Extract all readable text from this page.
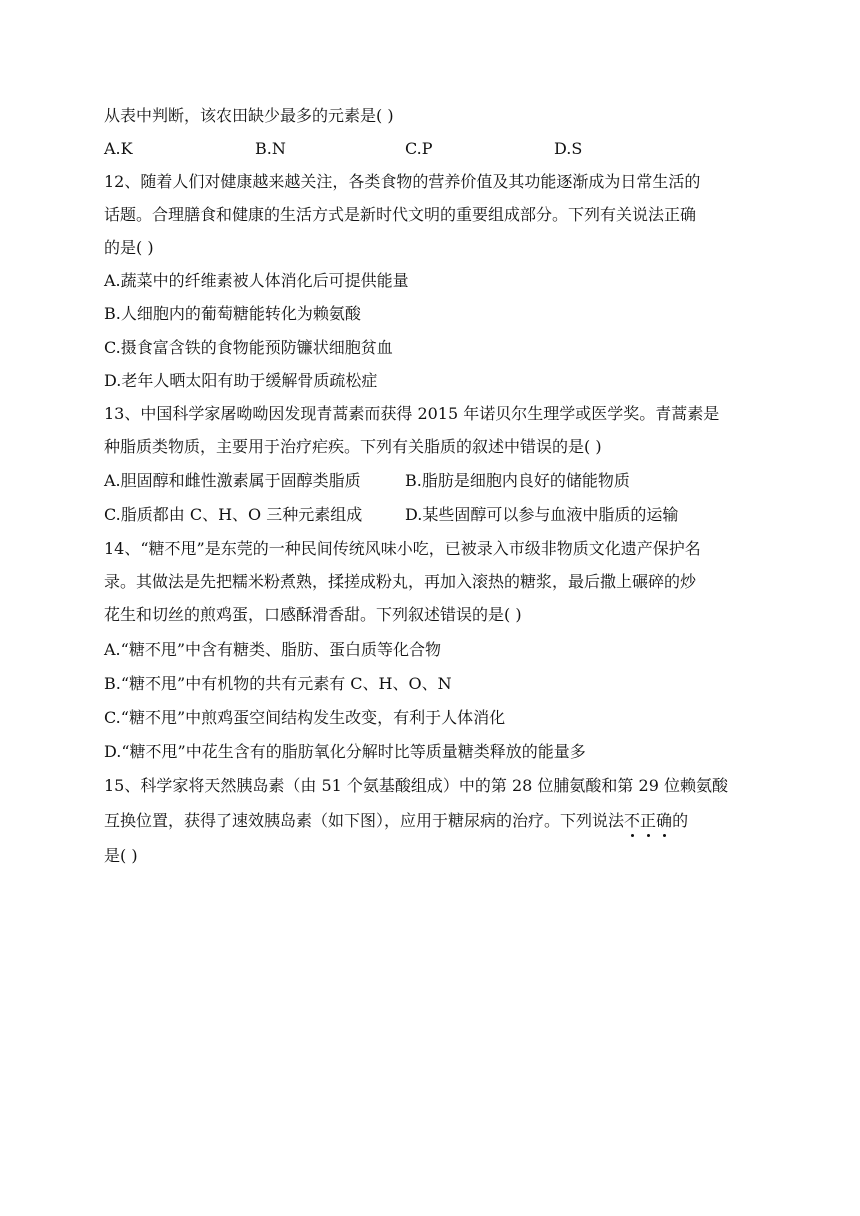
从表中判断，该农田缺少最多的元素是( )
A.K	B.N	C.P	D.S
12、随着人们对健康越来越关注，各类食物的营养价值及其功能逐渐成为日常生活的
话题。合理膳食和健康的生活方式是新时代文明的重要组成部分。下列有关说法正确
的是( )
A.蔬菜中的纤维素被人体消化后可提供能量
B.人细胞内的葡萄糖能转化为赖氨酸
C.摄食富含铁的食物能预防镰状细胞贫血
D.老年人晒太阳有助于缓解骨质疏松症
13、中国科学家屠呦呦因发现青蒿素而获得 2015 年诺贝尔生理学或医学奖。青蒿素是
种脂质类物质，主要用于治疗疟疾。下列有关脂质的叙述中错误的是( )
A.胆固醇和雌性激素属于固醇类脂质	B.脂肪是细胞内良好的储能物质
C.脂质都由 C、H、O 三种元素组成	D.某些固醇可以参与血液中脂质的运输
14、“糖不甩”是东莞的一种民间传统风味小吃，已被录入市级非物质文化遗产保护名
录。其做法是先把糯米粉煮熟，揉搓成粉丸，再加入滚热的糖浆，最后撒上碾碎的炒
花生和切丝的煎鸡蛋，口感酥滑香甜。下列叙述错误的是( )
A.“糖不甩”中含有糖类、脂肪、蛋白质等化合物
B.“糖不甩”中有机物的共有元素有 C、H、O、N
C.“糖不甩”中煎鸡蛋空间结构发生改变，有利于人体消化
D.“糖不甩”中花生含有的脂肪氧化分解时比等质量糖类释放的能量多
15、科学家将天然胰岛素（由 51 个氨基酸组成）中的第 28 位脯氨酸和第 29 位赖氨酸
互换位置，获得了速效胰岛素（如下图），应用于糖尿病的治疗。下列说法不正确的
是( )
